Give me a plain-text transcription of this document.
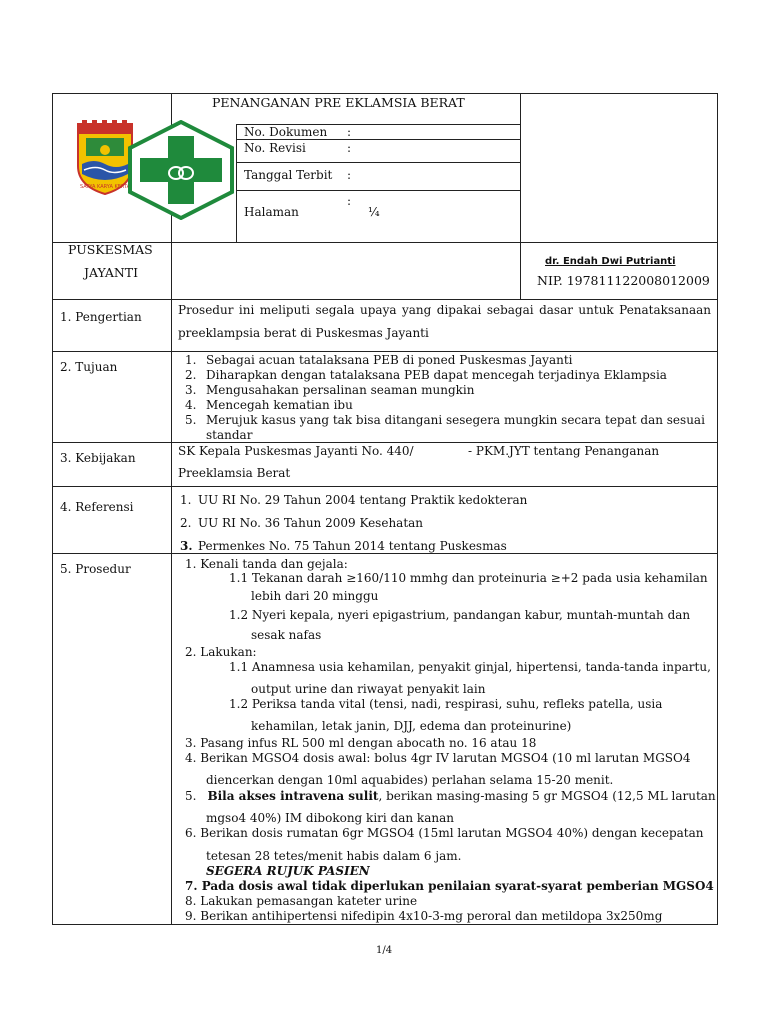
SATYA KARYA KERTA
PENANGANAN PRE EKLAMSIA BERAT
No. Dokumen :
No. Revisi	:
Tanggal Terbit :
Halaman
:
¼
PUSKESMAS
JAYANTI
dr. Endah Dwi Putrianti
NIP. 197811122008012009
1. Pengertian	Prosedur ini meliputi segala upaya yang dipakai sebagai dasar untuk Penataksanaan
preeklampsia berat di Puskesmas Jayanti
2. Tujuan	1. Sebagai acuan tatalaksana PEB di poned Puskesmas Jayanti
2. Diharapkan dengan tatalaksana PEB dapat mencegah terjadinya Eklampsia
3. Mengusahakan persalinan seaman mungkin
4. Mencegah kematian ibu
5. Merujuk kasus yang tak bisa ditangani sesegera mungkin secara tepat dan sesuai
standar
3. Kebijakan	SK Kepala Puskesmas Jayanti No. 440/	- PKM.JYT tentang Penanganan
Preeklamsia Berat
4. Referensi	1. UU RI No. 29 Tahun 2004 tentang Praktik kedokteran
2. UU RI No. 36 Tahun 2009 Kesehatan
3. Permenkes No. 75 Tahun 2014 tentang Puskesmas
5. Prosedur	1. Kenali tanda dan gejala:
1.1 Tekanan darah ≥160/110 mmhg dan proteinuria ≥+2 pada usia kehamilan
lebih dari 20 minggu
1.2 Nyeri kepala, nyeri epigastrium, pandangan kabur, muntah-muntah dan
sesak nafas
2. Lakukan:
1.1 Anamnesa usia kehamilan, penyakit ginjal, hipertensi, tanda-tanda inpartu,
output urine dan riwayat penyakit lain
1.2 Periksa tanda vital (tensi, nadi, respirasi, suhu, refleks patella, usia
kehamilan, letak janin, DJJ, edema dan proteinurine)
3. Pasang infus RL 500 ml dengan abocath no. 16 atau 18
4. Berikan MGSO4 dosis awal: bolus 4gr IV larutan MGSO4 (10 ml larutan MGSO4
diencerkan dengan 10ml aquabides) perlahan selama 15-20 menit.
5. Bila akses intravena sulit, berikan masing-masing 5 gr MGSO4 (12,5 ML larutan
mgso4 40%) IM dibokong kiri dan kanan
6. Berikan dosis rumatan 6gr MGSO4 (15ml larutan MGSO4 40%) dengan kecepatan
tetesan 28 tetes/menit habis dalam 6 jam.
SEGERA RUJUK PASIEN
7. Pada dosis awal tidak diperlukan penilaian syarat-syarat pemberian MGSO4
8. Lakukan pemasangan kateter urine
9. Berikan antihipertensi nifedipin 4x10-3-mg peroral dan metildopa 3x250mg
1/4
